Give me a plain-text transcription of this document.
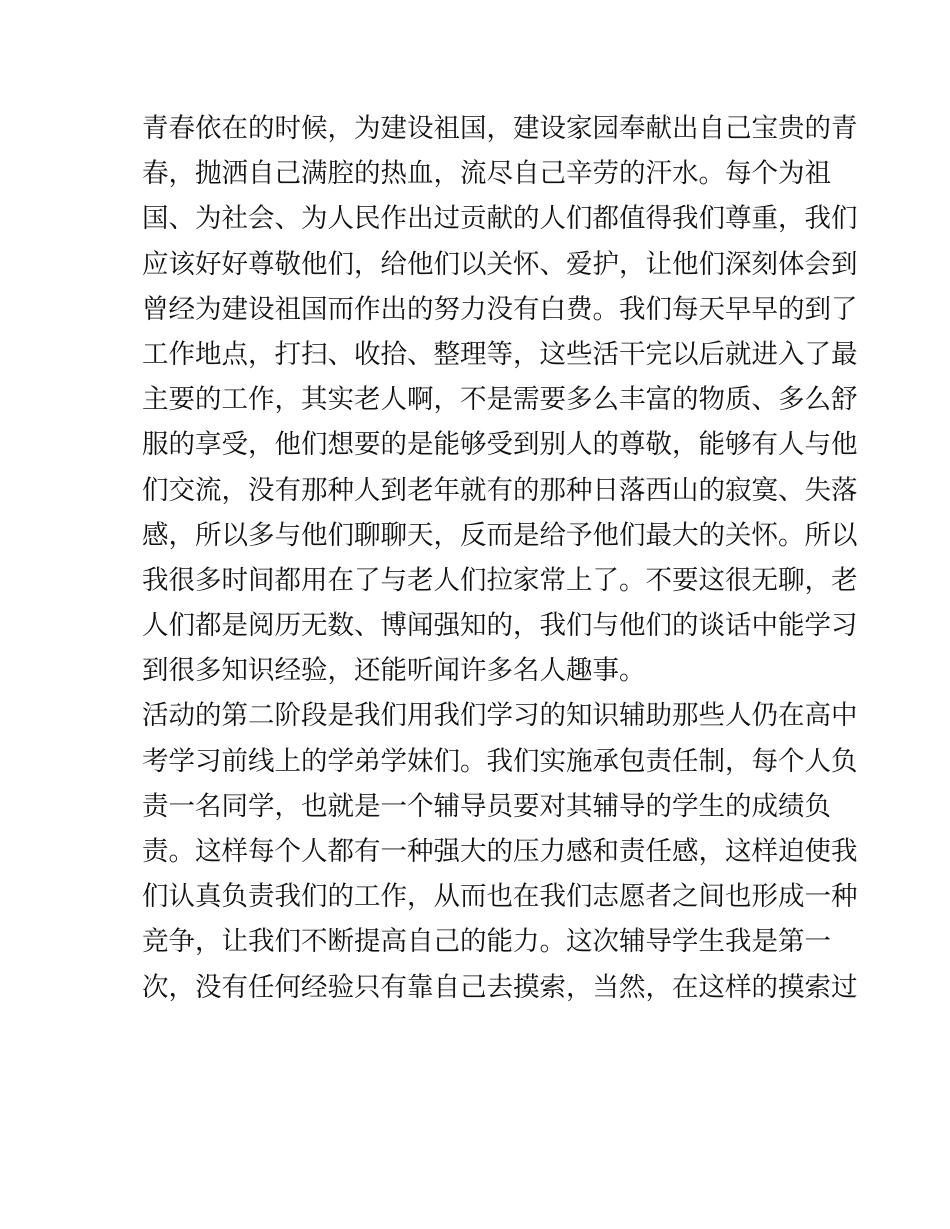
青春依在的时候，为建设祖国，建设家园奉献出自己宝贵的青
春，抛洒自己满腔的热血，流尽自己辛劳的汗水。每个为祖
国、为社会、为人民作出过贡献的人们都值得我们尊重，我们
应该好好尊敬他们，给他们以关怀、爱护，让他们深刻体会到
曾经为建设祖国而作出的努力没有白费。我们每天早早的到了
工作地点，打扫、收拾、整理等，这些活干完以后就进入了最
主要的工作，其实老人啊，不是需要多么丰富的物质、多么舒
服的享受，他们想要的是能够受到别人的尊敬，能够有人与他
们交流，没有那种人到老年就有的那种日落西山的寂寞、失落
感，所以多与他们聊聊天，反而是给予他们最大的关怀。所以
我很多时间都用在了与老人们拉家常上了。不要这很无聊，老
人们都是阅历无数、博闻强知的，我们与他们的谈话中能学习
到很多知识经验，还能听闻许多名人趣事。
活动的第二阶段是我们用我们学习的知识辅助那些人仍在高中
考学习前线上的学弟学妹们。我们实施承包责任制，每个人负
责一名同学，也就是一个辅导员要对其辅导的学生的成绩负
责。这样每个人都有一种强大的压力感和责任感，这样迫使我
们认真负责我们的工作，从而也在我们志愿者之间也形成一种
竞争，让我们不断提高自己的能力。这次辅导学生我是第一
次，没有任何经验只有靠自己去摸索，当然，在这样的摸索过
